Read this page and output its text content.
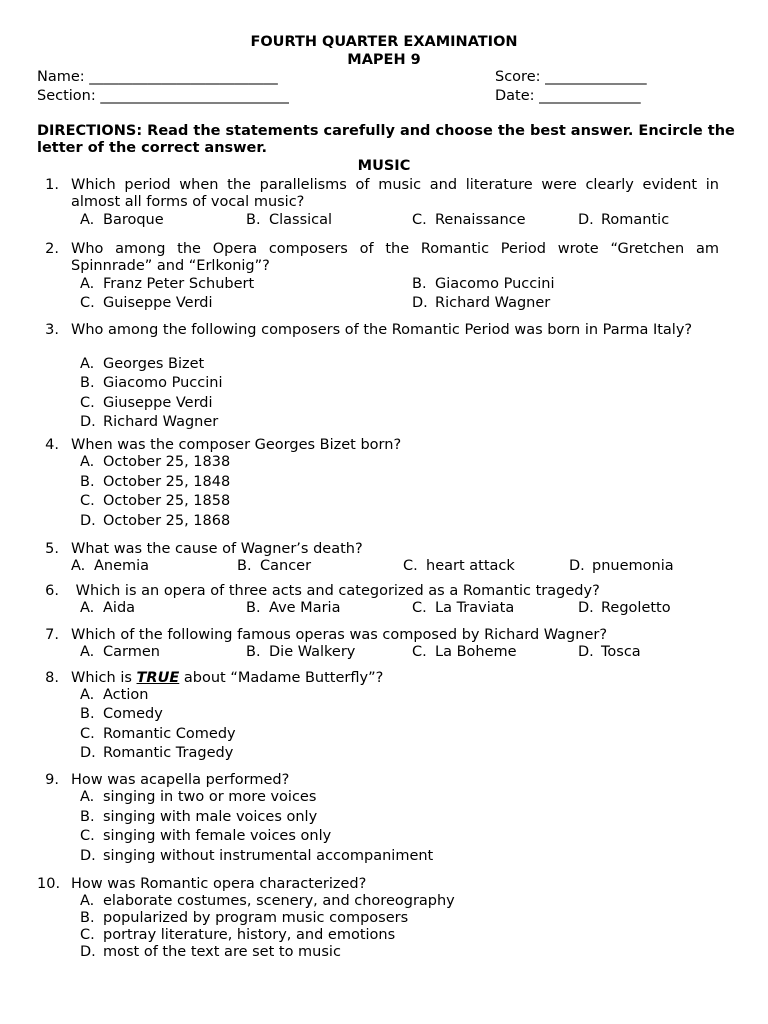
FOURTH QUARTER EXAMINATION
MAPEH 9
Name: __________________________
Section: __________________________
Score: ______________
Date: ______________
DIRECTIONS: Read the statements carefully and choose the best answer. Encircle the letter of the correct answer.
MUSIC
1. Which period when the parallelisms of music and literature were clearly evident in almost all forms of vocal music?
A. Baroque	B. Classical	C. Renaissance	D. Romantic
2. Who among the Opera composers of the Romantic Period wrote “Gretchen am Spinnrade” and “Erlkonig”?
A. Franz Peter Schubert	B. Giacomo Puccini
C. Guiseppe Verdi	D. Richard Wagner
3. Who among the following composers of the Romantic Period was born in Parma Italy?
A. Georges Bizet
B. Giacomo Puccini
C. Giuseppe Verdi
D. Richard Wagner
4. When was the composer Georges Bizet born?
A. October 25, 1838
B. October 25, 1848
C. October 25, 1858
D. October 25, 1868
5. What was the cause of Wagner’s death?
A. Anemia	B. Cancer	C. heart attack	D. pnuemonia
6. Which is an opera of three acts and categorized as a Romantic tragedy?
A. Aida	B. Ave Maria	C. La Traviata	D. Regoletto
7. Which of the following famous operas was composed by Richard Wagner?
A. Carmen	B. Die Walkery	C. La Boheme	D. Tosca
8. Which is TRUE about “Madame Butterfly”?
A. Action
B. Comedy
C. Romantic Comedy
D. Romantic Tragedy
9. How was acapella performed?
A. singing in two or more voices
B. singing with male voices only
C. singing with female voices only
D. singing without instrumental accompaniment
10. How was Romantic opera characterized?
A. elaborate costumes, scenery, and choreography
B. popularized by program music composers
C. portray literature, history, and emotions
D. most of the text are set to music
